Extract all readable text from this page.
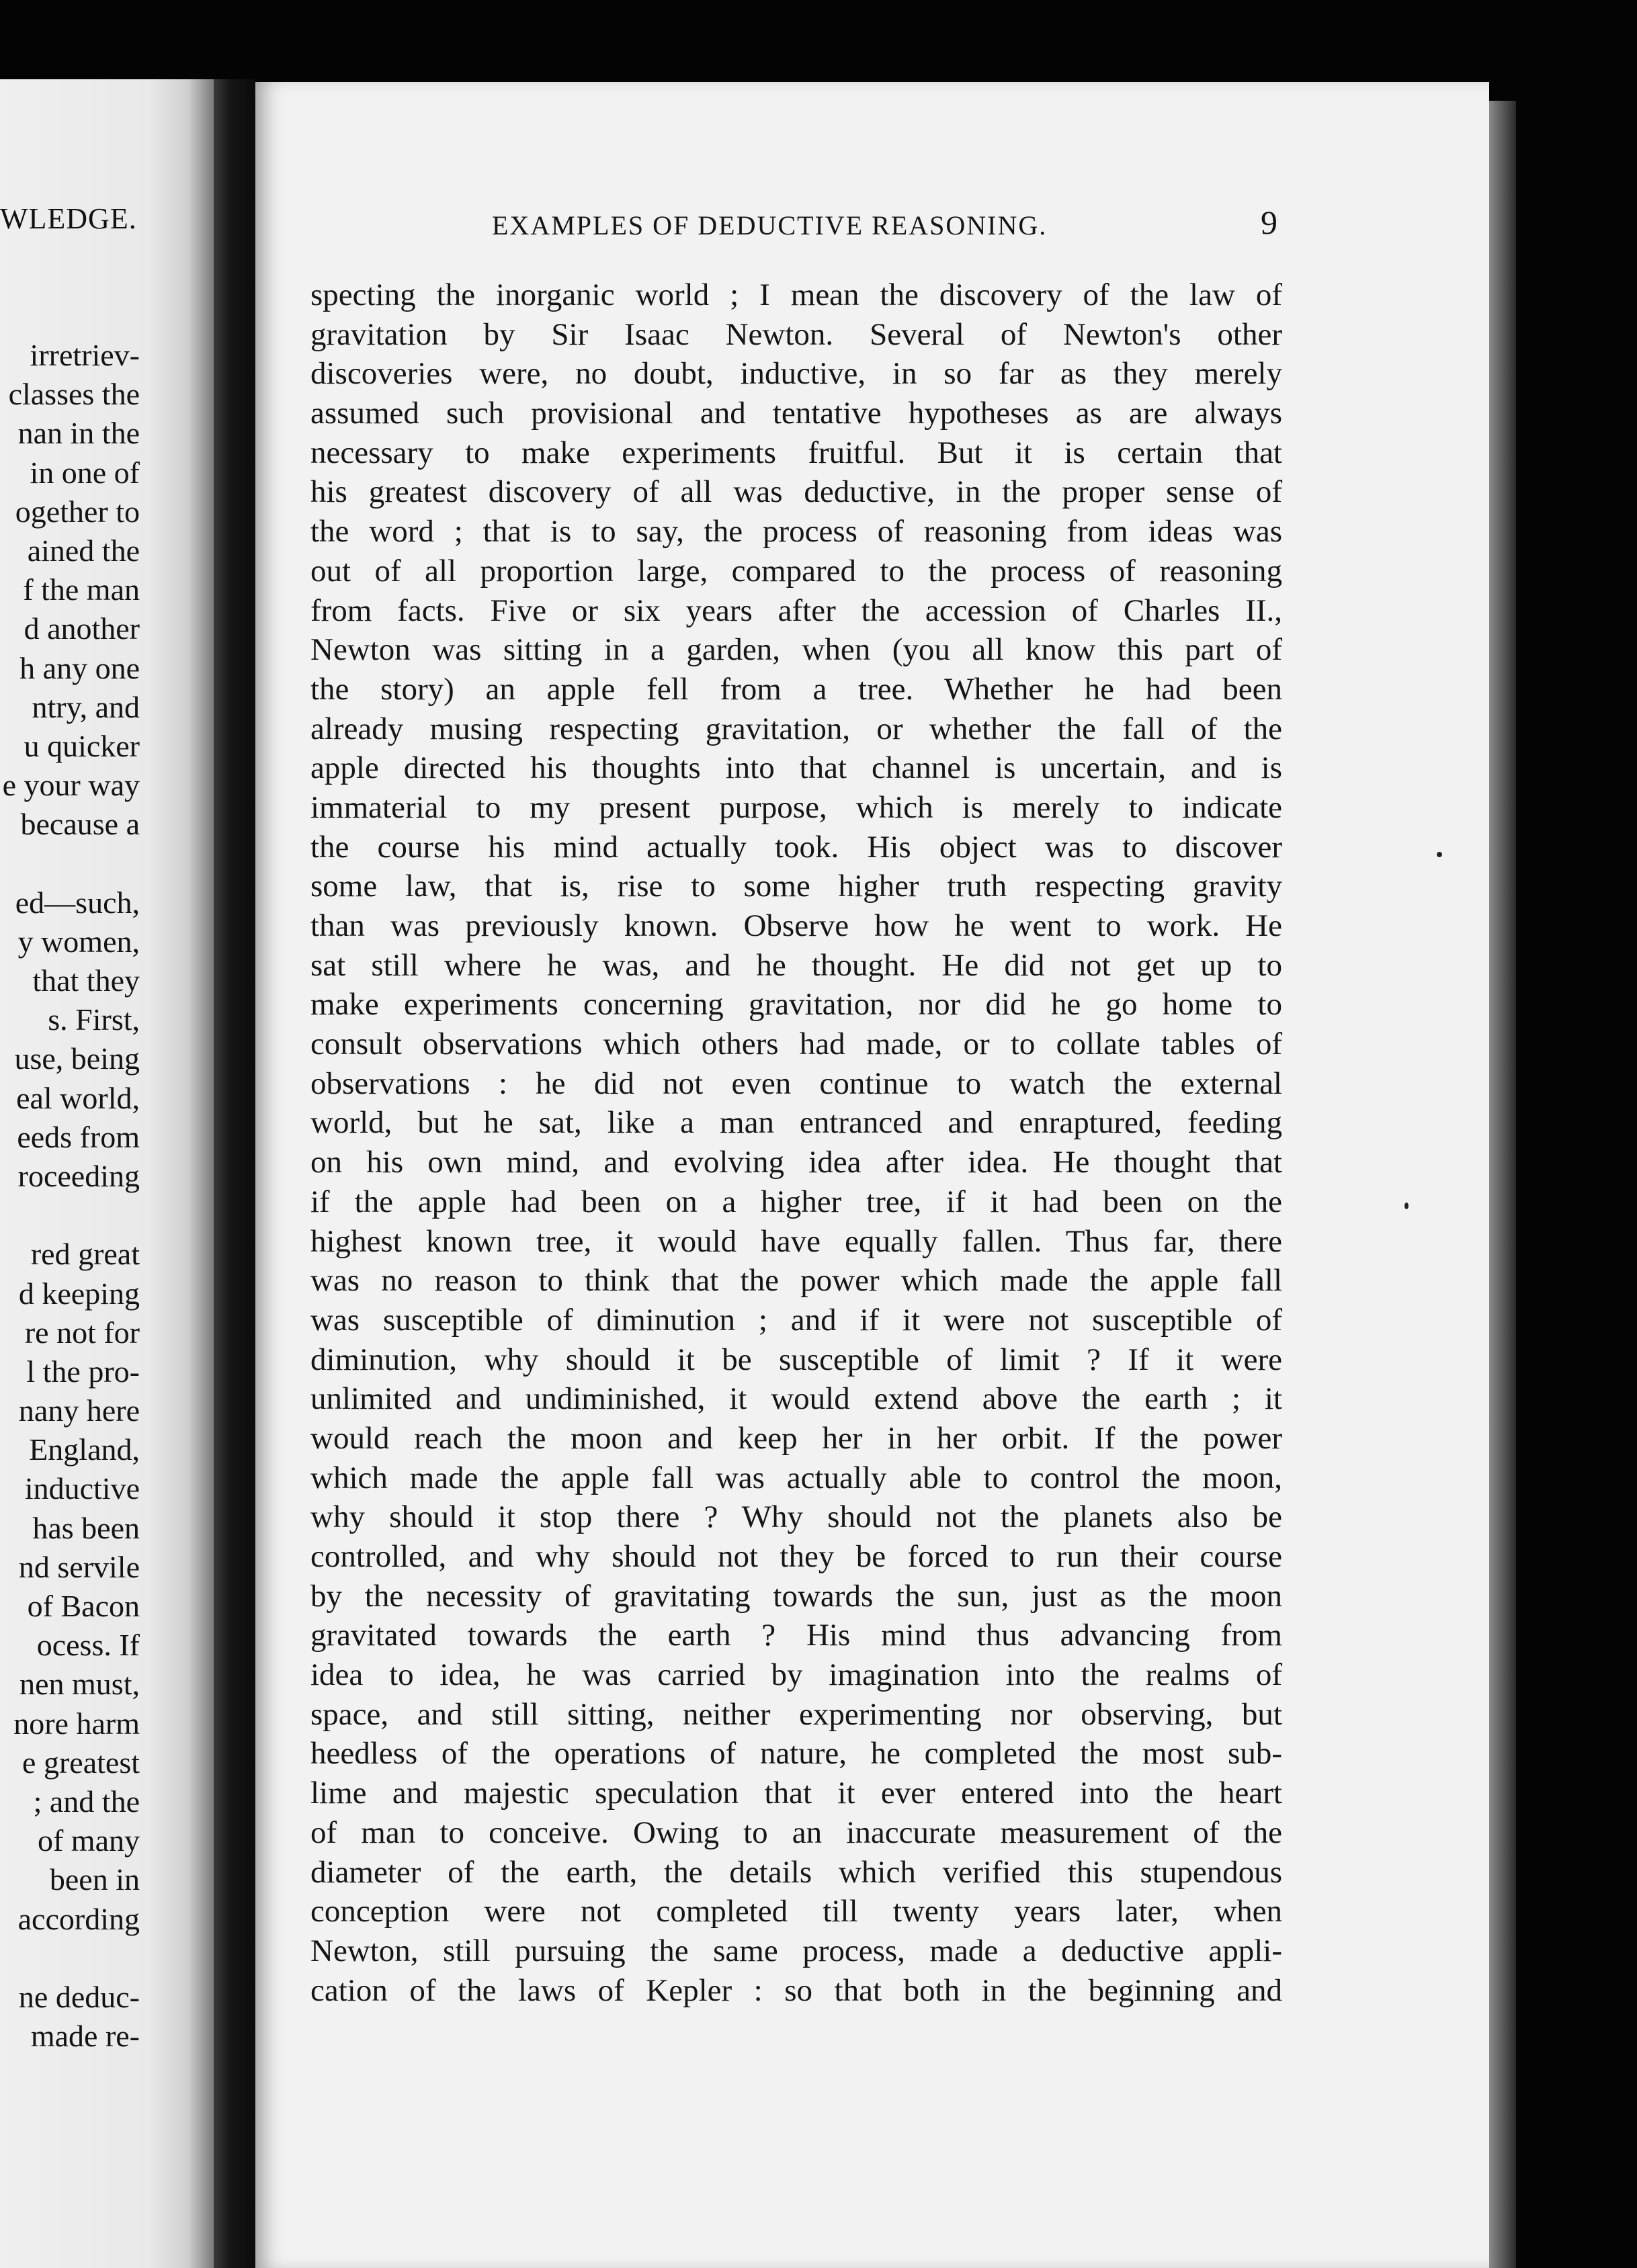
WLEDGE.
irretriev-
classes the
nan in the
in one of
ogether to
ained the
f the man
d another
h any one
ntry, and
u quicker
e your way
because a
ed—such,
y women,
that they
s. First,
use, being
eal world,
eeds from
roceeding
red great
d keeping
re not for
l the pro-
nany here
England,
inductive
has been
nd servile
of Bacon
ocess. If
nen must,
nore harm
e greatest
; and the
of many
been in
according
ne deduc-
made re-
EXAMPLES OF DEDUCTIVE REASONING.	9
specting the inorganic world ; I mean the discovery of the law of
gravitation by Sir Isaac Newton. Several of Newton's other
discoveries were, no doubt, inductive, in so far as they merely
assumed such provisional and tentative hypotheses as are always
necessary to make experiments fruitful. But it is certain that
his greatest discovery of all was deductive, in the proper sense of
the word ; that is to say, the process of reasoning from ideas was
out of all proportion large, compared to the process of reasoning
from facts. Five or six years after the accession of Charles II.,
Newton was sitting in a garden, when (you all know this part of
the story) an apple fell from a tree. Whether he had been
already musing respecting gravitation, or whether the fall of the
apple directed his thoughts into that channel is uncertain, and is
immaterial to my present purpose, which is merely to indicate
the course his mind actually took. His object was to discover
some law, that is, rise to some higher truth respecting gravity
than was previously known. Observe how he went to work. He
sat still where he was, and he thought. He did not get up to
make experiments concerning gravitation, nor did he go home to
consult observations which others had made, or to collate tables of
observations : he did not even continue to watch the external
world, but he sat, like a man entranced and enraptured, feeding
on his own mind, and evolving idea after idea. He thought that
if the apple had been on a higher tree, if it had been on the
highest known tree, it would have equally fallen. Thus far, there
was no reason to think that the power which made the apple fall
was susceptible of diminution ; and if it were not susceptible of
diminution, why should it be susceptible of limit ? If it were
unlimited and undiminished, it would extend above the earth ; it
would reach the moon and keep her in her orbit. If the power
which made the apple fall was actually able to control the moon,
why should it stop there ? Why should not the planets also be
controlled, and why should not they be forced to run their course
by the necessity of gravitating towards the sun, just as the moon
gravitated towards the earth ? His mind thus advancing from
idea to idea, he was carried by imagination into the realms of
space, and still sitting, neither experimenting nor observing, but
heedless of the operations of nature, he completed the most sub-
lime and majestic speculation that it ever entered into the heart
of man to conceive. Owing to an inaccurate measurement of the
diameter of the earth, the details which verified this stupendous
conception were not completed till twenty years later, when
Newton, still pursuing the same process, made a deductive appli-
cation of the laws of Kepler : so that both in the beginning and
